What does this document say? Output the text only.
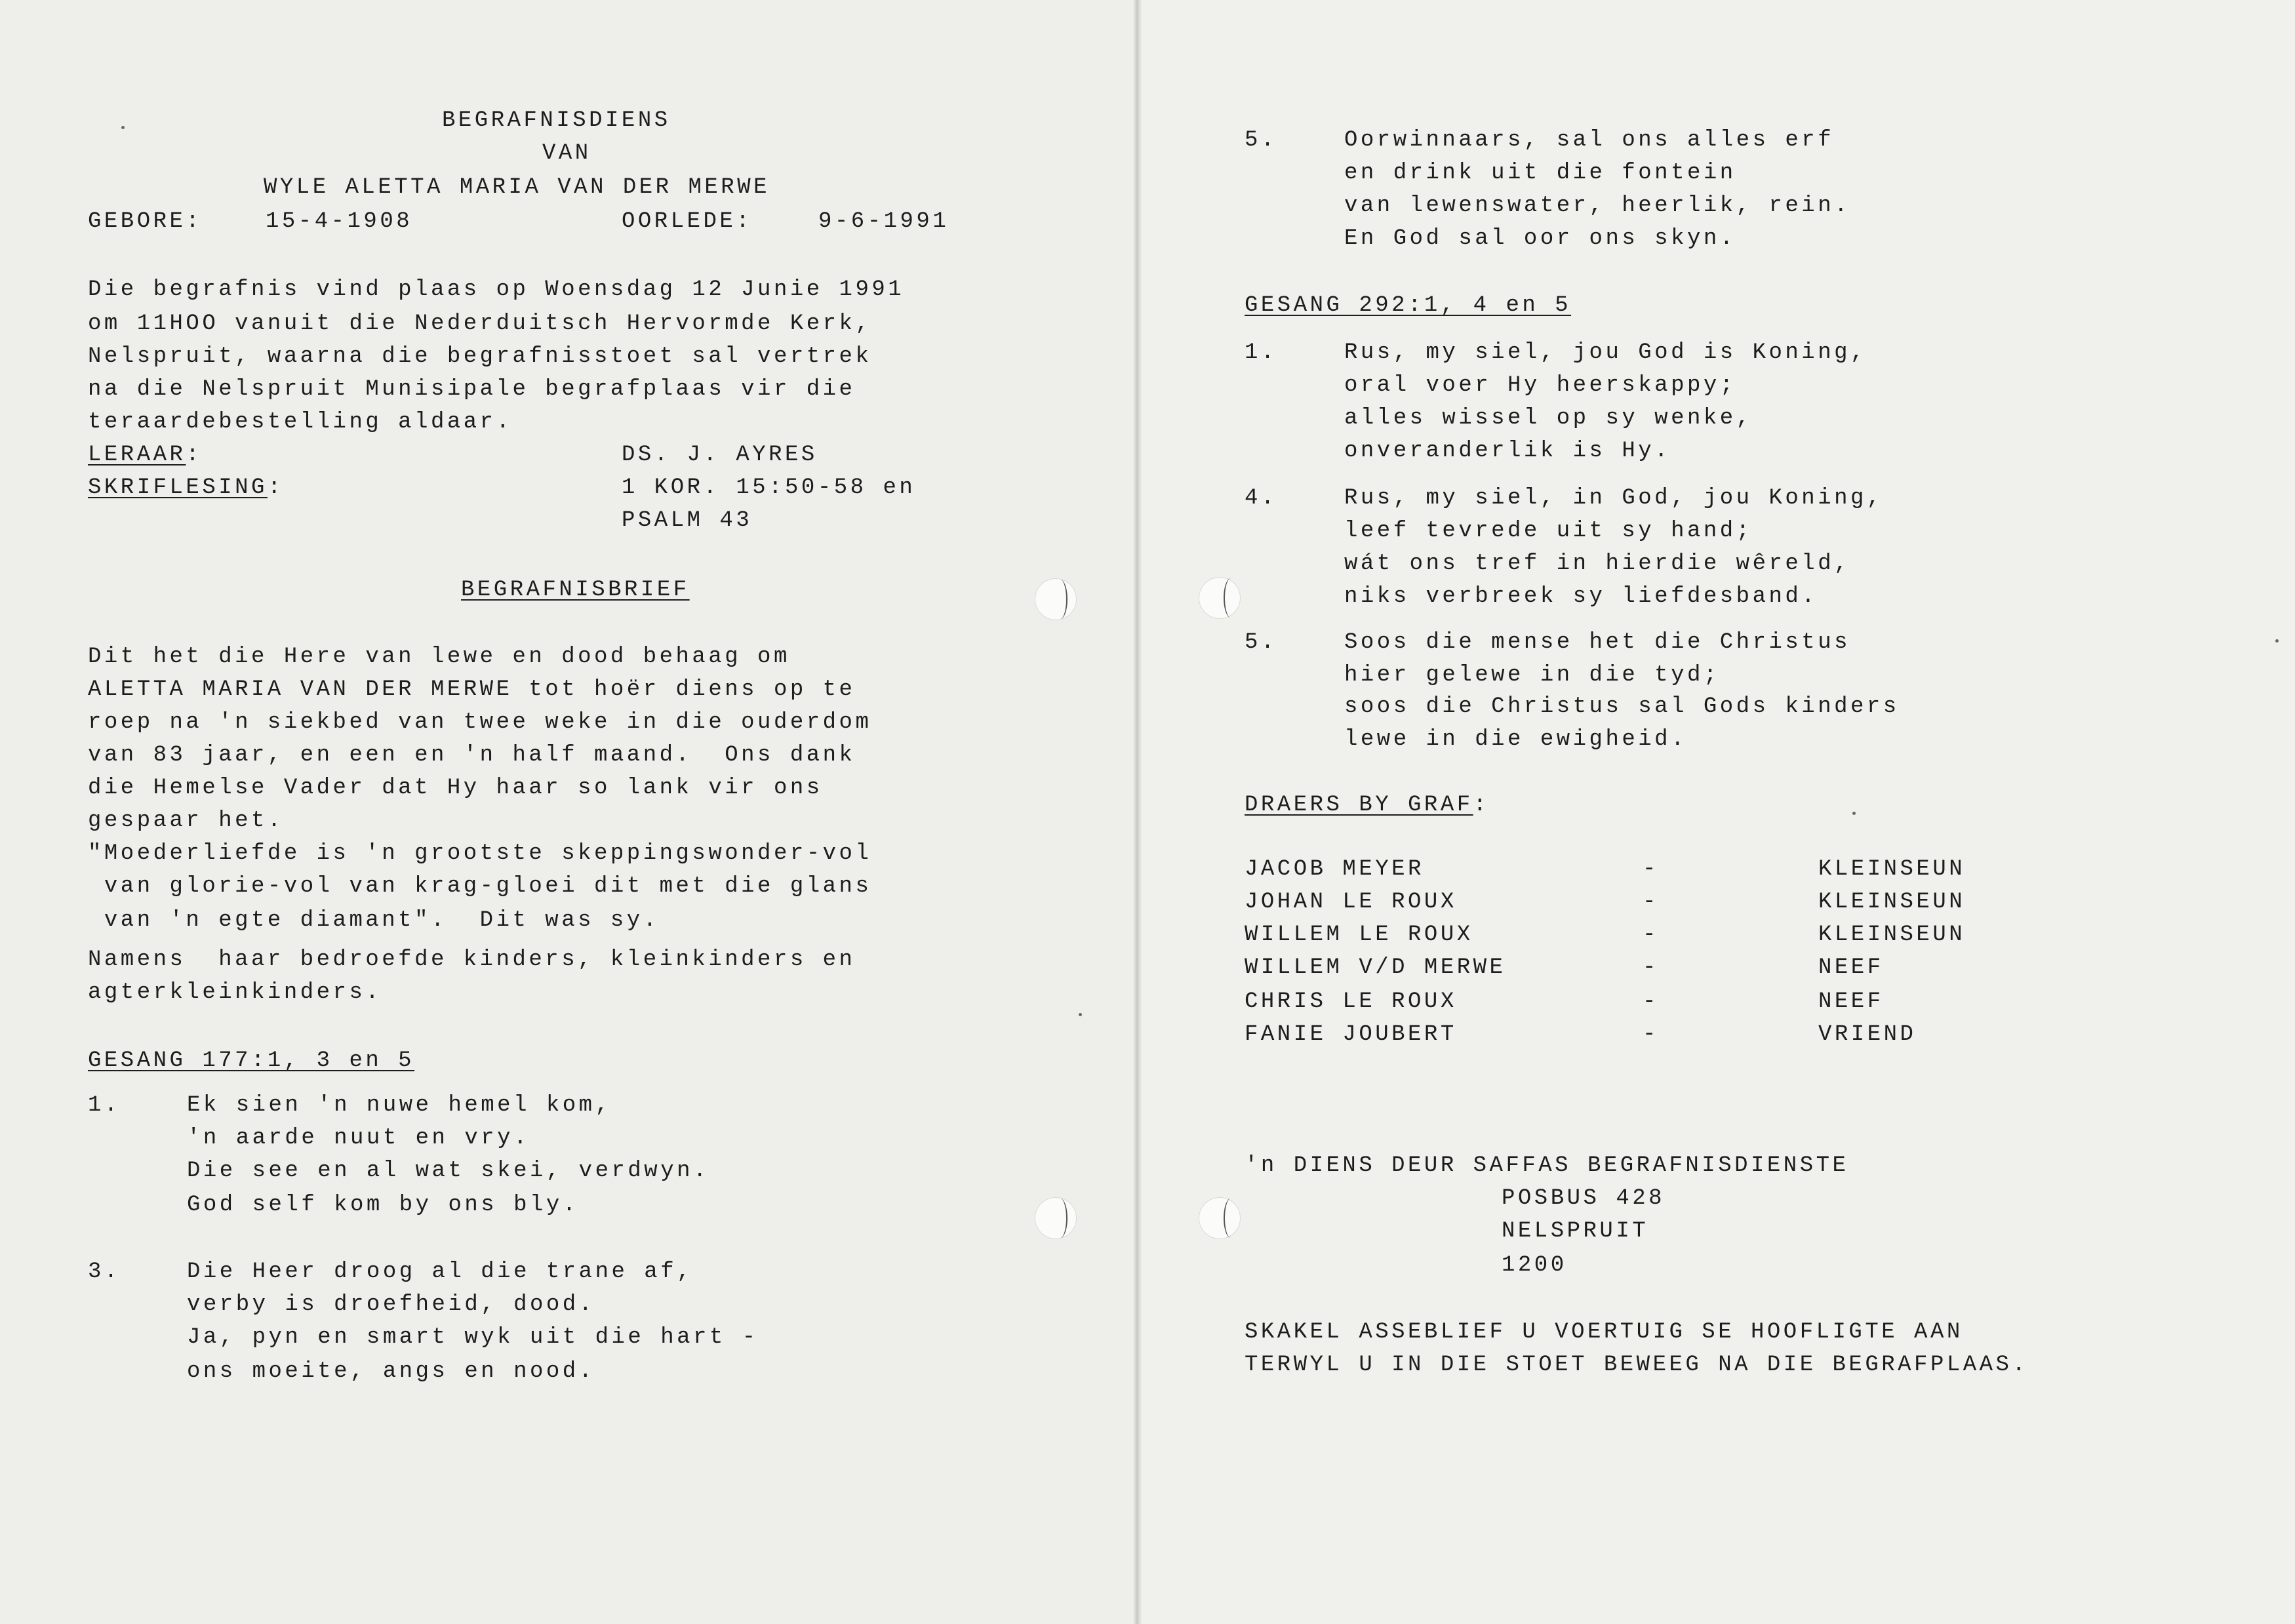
BEGRAFNISDIENS
VAN
WYLE ALETTA MARIA VAN DER MERWE
GEBORE:	15-4-1908	OORLEDE:	9-6-1991
Die begrafnis vind plaas op Woensdag 12 Junie 1991
om 11HOO vanuit die Nederduitsch Hervormde Kerk,
Nelspruit, waarna die begrafnisstoet sal vertrek
na die Nelspruit Munisipale begrafplaas vir die
teraardebestelling aldaar.
LERAAR:	DS. J. AYRES
SKRIFLESING:	1 KOR. 15:50-58 en
PSALM 43
BEGRAFNISBRIEF
Dit het die Here van lewe en dood behaag om
ALETTA MARIA VAN DER MERWE tot hoër diens op te
roep na 'n siekbed van twee weke in die ouderdom
van 83 jaar, en een en 'n half maand.  Ons dank
die Hemelse Vader dat Hy haar so lank vir ons
gespaar het.
"Moederliefde is 'n grootste skeppingswonder-vol
van glorie-vol van krag-gloei dit met die glans
van 'n egte diamant".  Dit was sy.
Namens  haar bedroefde kinders, kleinkinders en
agterkleinkinders.
GESANG 177:1, 3 en 5
1.	Ek sien 'n nuwe hemel kom,
'n aarde nuut en vry.
Die see en al wat skei, verdwyn.
God self kom by ons bly.
3.	Die Heer droog al die trane af,
verby is droefheid, dood.
Ja, pyn en smart wyk uit die hart -
ons moeite, angs en nood.
5.	Oorwinnaars, sal ons alles erf
en drink uit die fontein
van lewenswater, heerlik, rein.
En God sal oor ons skyn.
GESANG 292:1, 4 en 5
1.	Rus, my siel, jou God is Koning,
oral voer Hy heerskappy;
alles wissel op sy wenke,
onveranderlik is Hy.
4.	Rus, my siel, in God, jou Koning,
leef tevrede uit sy hand;
wát ons tref in hierdie wêreld,
niks verbreek sy liefdesband.
5.	Soos die mense het die Christus
hier gelewe in die tyd;
soos die Christus sal Gods kinders
lewe in die ewigheid.
DRAERS BY GRAF:
JACOB MEYER	-	KLEINSEUN
JOHAN LE ROUX	-	KLEINSEUN
WILLEM LE ROUX	-	KLEINSEUN
WILLEM V/D MERWE	-	NEEF
CHRIS LE ROUX	-	NEEF
FANIE JOUBERT	-	VRIEND
'n DIENS DEUR SAFFAS BEGRAFNISDIENSTE
POSBUS 428
NELSPRUIT
1200
SKAKEL ASSEBLIEF U VOERTUIG SE HOOFLIGTE AAN
TERWYL U IN DIE STOET BEWEEG NA DIE BEGRAFPLAAS.
